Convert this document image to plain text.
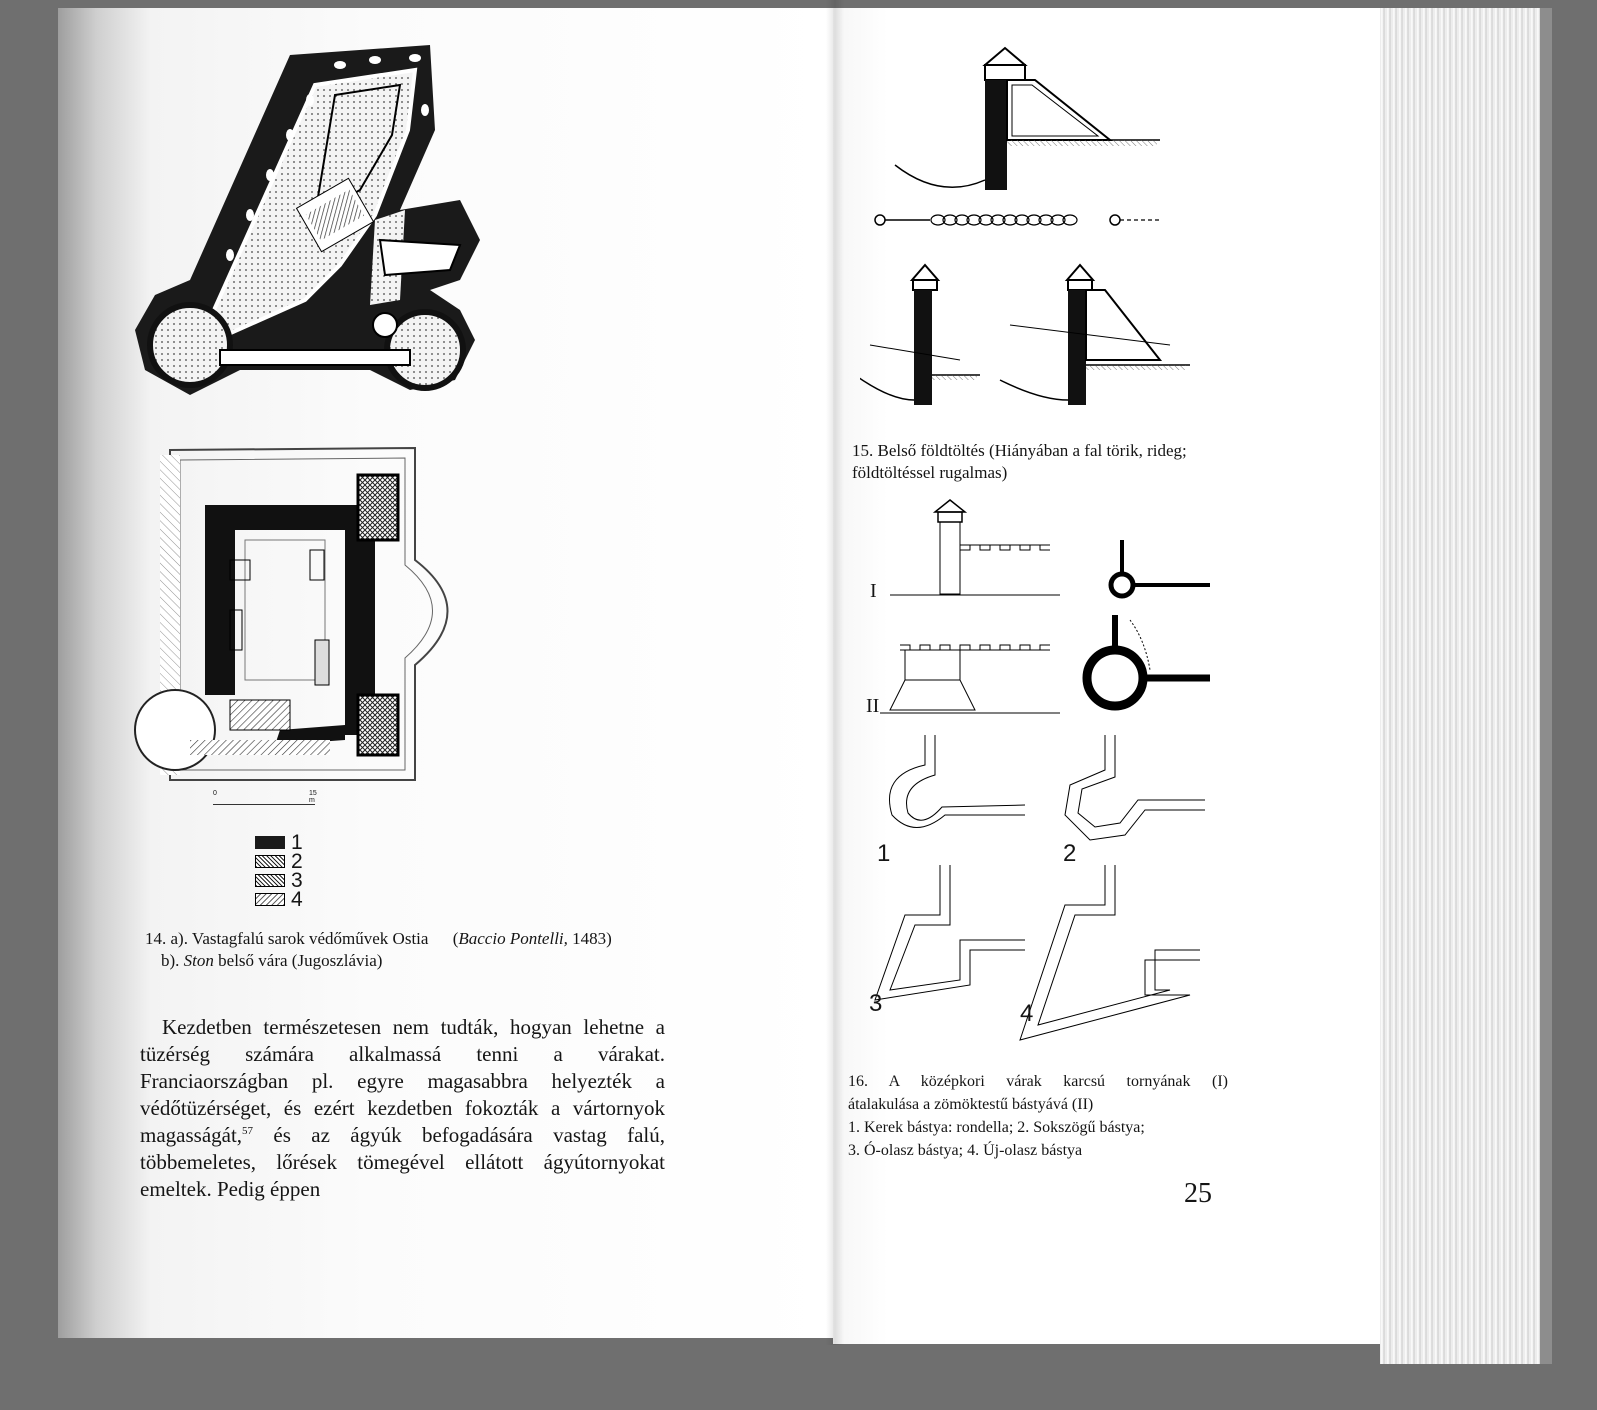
0	15 m
1
2
3
4
14. a). Vastagfalú sarok védőművek Ostia (Baccio Pontelli, 1483)
b). Ston belső vára (Jugoszlávia)

Kezdetben természetesen nem tudták, hogyan lehetne a tüzérség számára alkalmassá tenni a várakat. Franciaországban pl. egyre magasabbra helyezték a védőtüzérséget, és ezért kezdetben fokozták a vártornyok magasságát,$^{57}$ és az ágyúk befogadására vastag falú, többemeletes, lőrések tömegével ellátott ágyútornyokat emeltek. Pedig éppen

15. Belső földtöltés (Hiányában a fal törik, rideg;
földtöltéssel rugalmas)
I
II
1	2
3	4
16. A középkori várak karcsú tornyának (I)
átalakulása a zömöktestű bástyává (II)
1. Kerek bástya: rondella; 2. Sokszögű bástya;
3. Ó-olasz bástya; 4. Új-olasz bástya
25
